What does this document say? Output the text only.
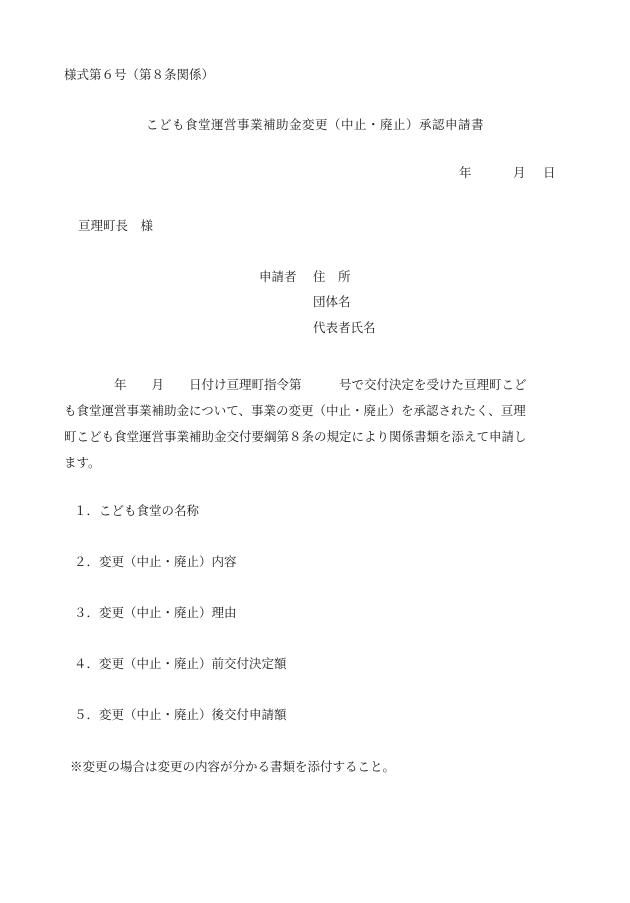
様式第６号（第８条関係）
こども食堂運営事業補助金変更（中止・廃止）承認申請書
年	月 日
亘理町長　様
申請者 住　所
団体名
代表者氏名
　　　　年　　月　　日付け亘理町指令第　　　号で交付決定を受けた亘理町こど
も食堂運営事業補助金について、事業の変更（中止・廃止）を承認されたく、亘理
町こども食堂運営事業補助金交付要綱第８条の規定により関係書類を添えて申請し
ます。
１．こども食堂の名称
２．変更（中止・廃止）内容
３．変更（中止・廃止）理由
４．変更（中止・廃止）前交付決定額
５．変更（中止・廃止）後交付申請額
※変更の場合は変更の内容が分かる書類を添付すること。
